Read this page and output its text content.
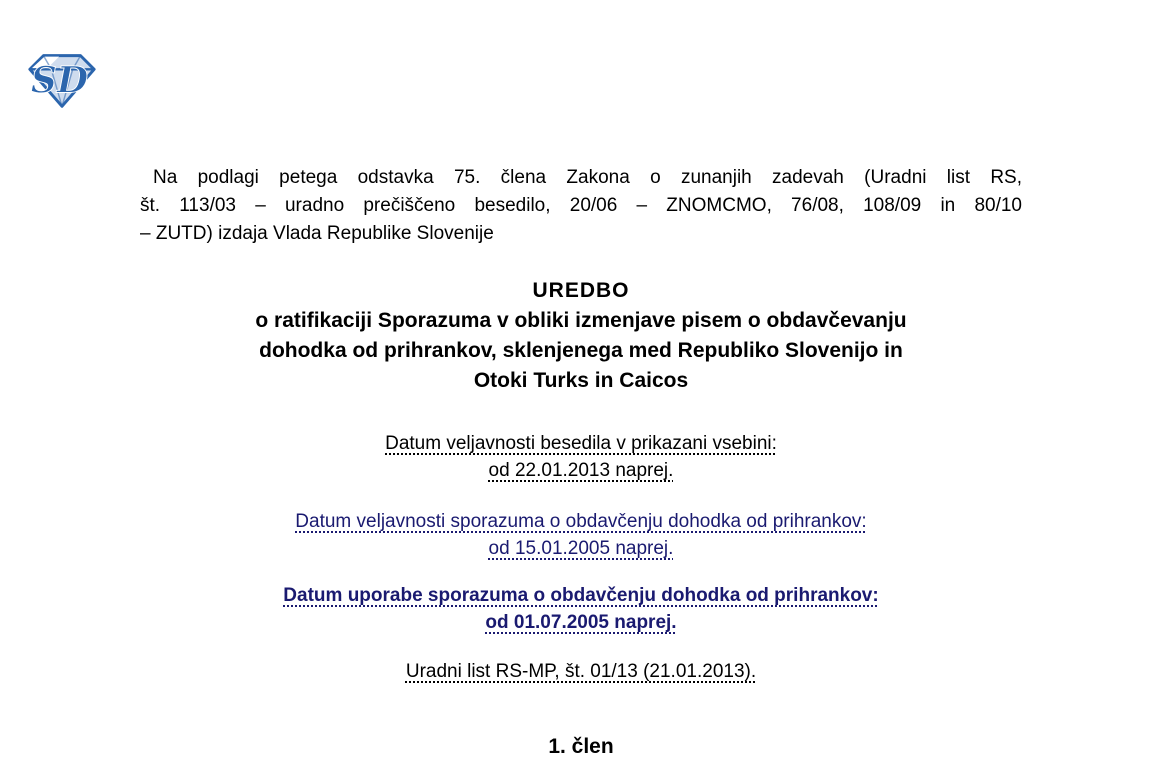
SD
Na podlagi petega odstavka 75. člena Zakona o zunanjih zadevah (Uradni list RS,
št. 113/03 – uradno prečiščeno besedilo, 20/06 – ZNOMCMO, 76/08, 108/09 in 80/10
– ZUTD) izdaja Vlada Republike Slovenije
UREDBO
o ratifikaciji Sporazuma v obliki izmenjave pisem o obdavčevanju
dohodka od prihrankov, sklenjenega med Republiko Slovenijo in
Otoki Turks in Caicos
Datum veljavnosti besedila v prikazani vsebini:
od 22.01.2013 naprej.
Datum veljavnosti sporazuma o obdavčenju dohodka od prihrankov:
od 15.01.2005 naprej.
Datum uporabe sporazuma o obdavčenju dohodka od prihrankov:
od 01.07.2005 naprej.
Uradni list RS-MP, št. 01/13 (21.01.2013).
1. člen
